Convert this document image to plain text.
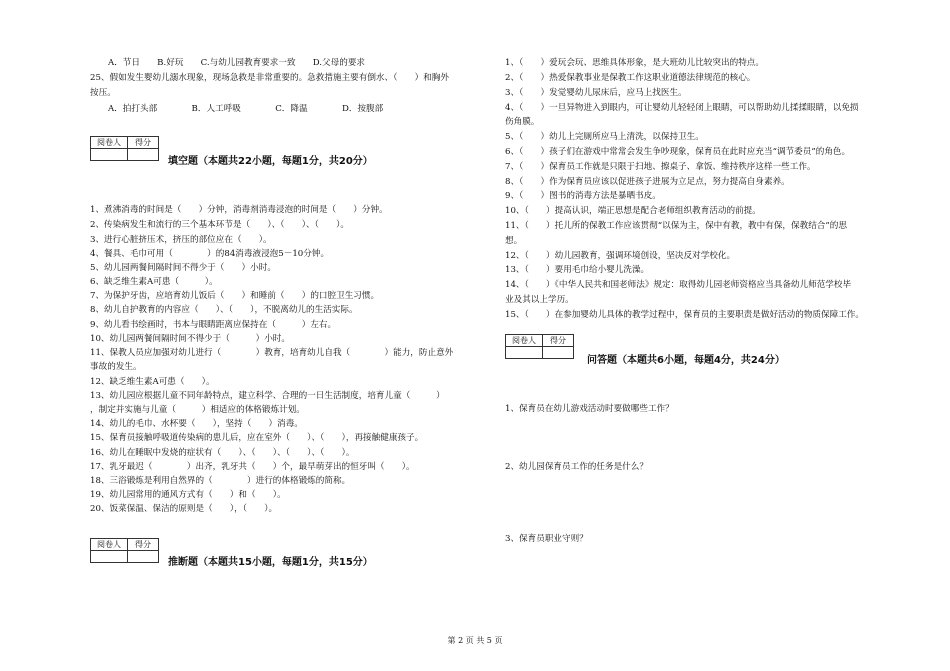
A．节日　　B.好玩　　C.与幼儿园教育要求一致　　D.父母的要求
25、假如发生婴幼儿溺水现象，现场急救是非常重要的。急救措施主要有倒水、（　　）和胸外
按压。
A．拍打头部　　　　B．人工呼吸　　　　C．降温　　　　D．按腹部
阅卷人	得分

填空题（本题共22小题，每题1分，共20分）
1、煮沸消毒的时间是（　　）分钟，消毒剂消毒浸泡的时间是（　　）分钟。
2、传染病发生和流行的三个基本环节是（　　）、（　　）、（　　）。
3、进行心脏挤压术，挤压的部位应在（　　）。
4、餐具、毛巾可用（　　　　）的84消毒液浸泡5－10分钟。
5、幼儿园两餐间隔时间不得少于（　　）小时。
6、缺乏维生素A可患（　　　）。
7、为保护牙齿，应培育幼儿饭后（　　）和睡前（　　）的口腔卫生习惯。
8、幼儿自护教育的内容应（　　）、（　　），不脱离幼儿的生活实际。
9、幼儿看书绘画时，书本与眼睛距离应保持在（　　　）左右。
10、幼儿园两餐间隔时间不得少于（　　　）小时。
11、保教人员应加强对幼儿进行（　　　　）教育，培育幼儿自我（　　　　）能力，防止意外
事故的发生。
12、缺乏维生素A可患（　　）。
13、幼儿园应根据儿童不同年龄特点，建立科学、合理的一日生活制度，培育儿童（　　　）
，制定并实施与儿童（　　　）相适应的体格锻炼计划。
14、幼儿的毛巾、水杯要（　　），坚持（　　）消毒。
15、保育员接触呼吸道传染病的患儿后，应在室外（　　）、（　　），再接触健康孩子。
16、幼儿在睡眠中发烧的症状有（　　）、（　　）、（　　）、（　　）。
17、乳牙最迟（　　　　）出齐，乳牙共（　　）个，最早萌芽出的恒牙叫（　　）。
18、三浴锻炼是利用自然界的（　　　　）进行的体格锻炼的简称。
19、幼儿园常用的通风方式有（　　）和（　　）。
20、饭菜保温、保洁的原则是（　　），（　　）。
阅卷人	得分

推断题（本题共15小题，每题1分，共15分）
1、（　　）爱玩会玩、思维具体形象，是大班幼儿比较突出的特点。
2、（　　）热爱保教事业是保教工作这职业道德法律规范的核心。
3、（　　）发觉婴幼儿尿床后，应马上找医生。
4、（　　）一旦异物进入到眼内，可让婴幼儿轻轻闭上眼睛，可以帮助幼儿揉揉眼睛，以免损
伤角膜。
5、（　　）幼儿上完厕所应马上清洗，以保持卫生。
6、（　　）孩子们在游戏中常常会发生争吵现象，保育员在此时应充当“调节委员”的角色。
7、（　　）保育员工作就是只限于扫地、擦桌子、拿饭、维持秩序这样一些工作。
8、（　　）作为保育员应该以促进孩子进展为立足点，努力提高自身素养。
9、（　　）图书的消毒方法是暴晒书皮。
10、（　　）提高认识，端正思想是配合老师组织教育活动的前提。
11、（　　）托儿所的保教工作应该贯彻“以保为主，保中有教，教中有保，保教结合”的思
想。
12、（　　）幼儿园教育，强调环境创设，坚决反对学校化。
13、（　　）要用毛巾给小婴儿洗澡。
14、（　　）《中华人民共和国老师法》规定：取得幼儿园老师资格应当具备幼儿师范学校毕
业及其以上学历。
15、（　　）在参加婴幼儿具体的教学过程中，保育员的主要职责是做好活动的物质保障工作。
阅卷人	得分

问答题（本题共6小题，每题4分，共24分）
1、保育员在幼儿游戏活动时要做哪些工作？
2、幼儿园保育员工作的任务是什么？
3、保育员职业守则？
第 2 页 共 5 页
